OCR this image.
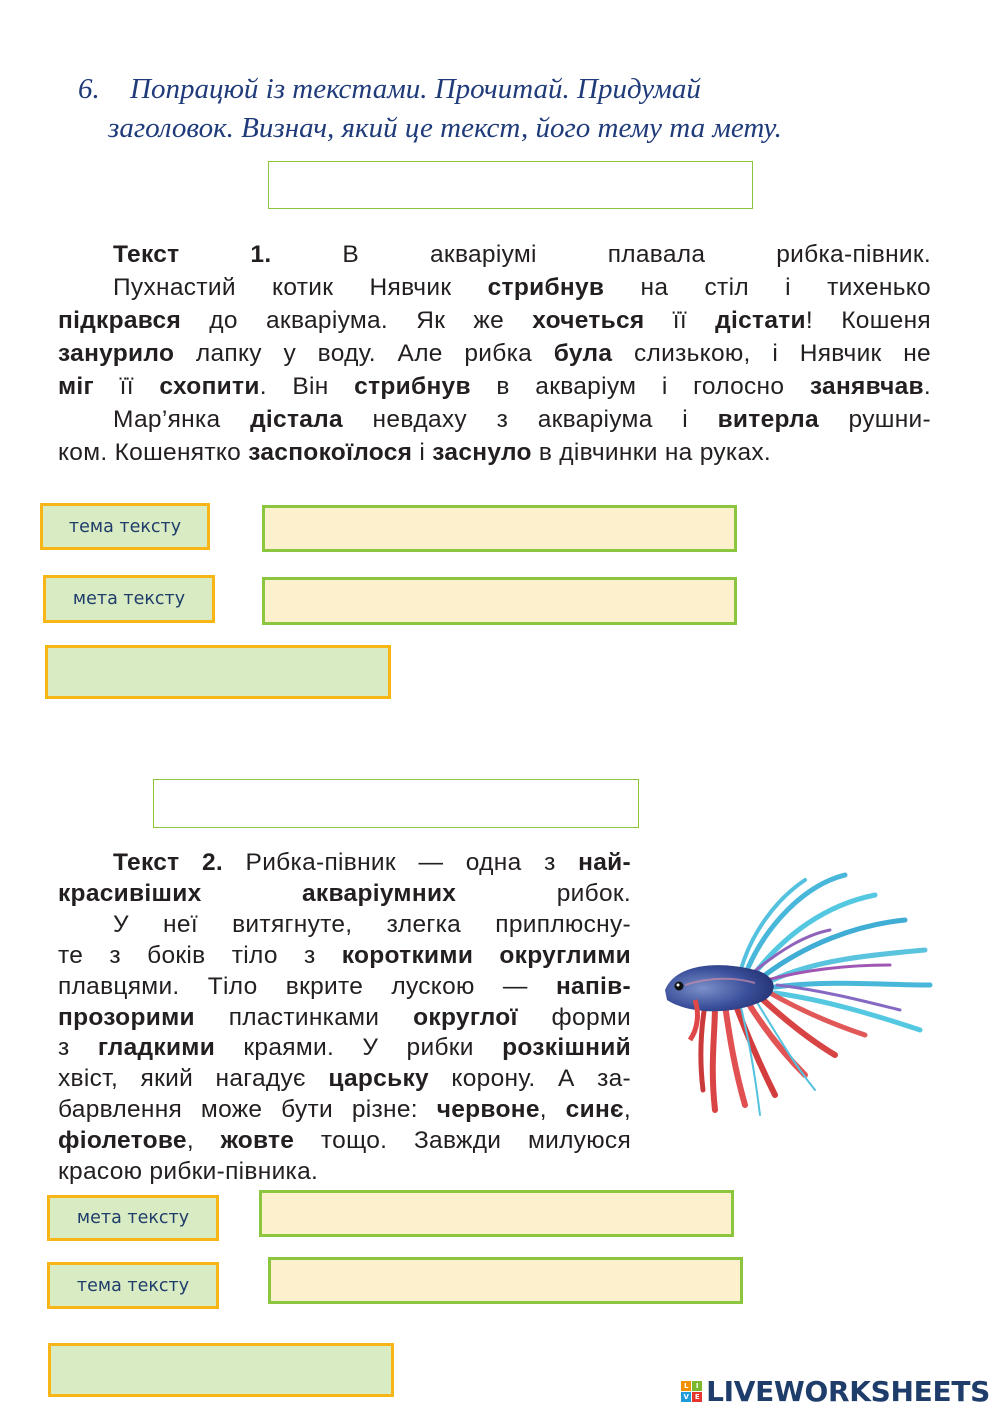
6. Попрацюй із текстами. Прочитай. Придумай
заголовок. Визнач, який це текст, його тему та мету.
Текст 1. В акваріумі плавала рибка-півник.
Пухнастий котик Нявчик стрибнув на стіл і тихенько
підкрався до акваріума. Як же хочеться її дістати! Кошеня
занурило лапку у воду. Але рибка була слизькою, і Нявчик не
міг її схопити. Він стрибнув в акваріум і голосно занявчав.
Мар’янка дістала невдаху з акваріума і витерла рушни-
ком. Кошенятко заспокоїлося і заснуло в дівчинки на руках.
тема тексту
мета тексту
Текст 2. Рибка-півник — одна з най-
красивіших акваріумних рибок.
У неї витягнуте, злегка приплюсну-
те з боків тіло з короткими округлими
плавцями. Тіло вкрите лускою — напів-
прозорими пластинками округлої форми
з гладкими краями. У рибки розкішний
хвіст, який нагадує царську корону. А за-
барвлення може бути різне: червоне, синє,
фіолетове, жовте тощо. Завжди милуюся
красою рибки-півника.
мета тексту
тема тексту
L	I
V E LIVEWORKSHEETS
